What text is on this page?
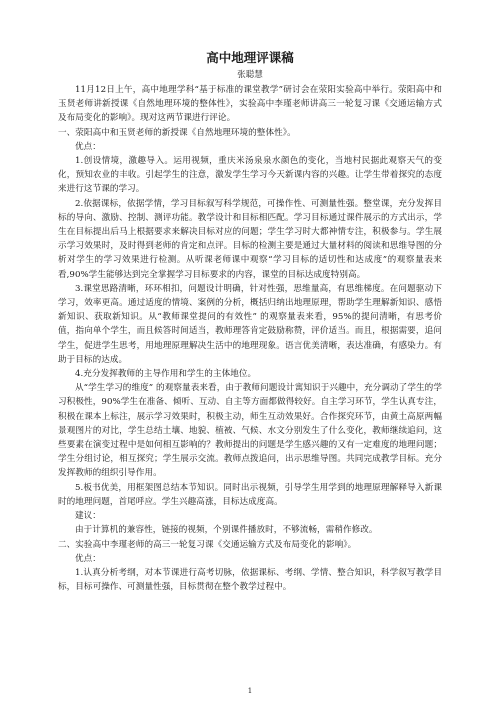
高中地理评课稿

张聪慧

11月12日上午，高中地理学科“基于标准的课堂教学”研讨会在荥阳实验高中举行。荥阳高中和玉贤老师讲新授课《自然地理环境的整体性》，实验高中李瑾老师讲高三一轮复习课《交通运输方式及布局变化的影响》。现对这两节课进行评论。

一、荥阳高中和玉贤老师的新授课《自然地理环境的整体性》。

优点：

1.创设情境，激趣导入。运用视频，重庆米汤泉泉水颜色的变化，当地村民据此观察天气的变化，预知农业的丰收。引起学生的注意，激发学生学习今天新课内容的兴趣。让学生带着探究的态度来进行这节课的学习。

2.依据课标，依据学情，学习目标叙写科学规范，可操作性、可测量性强。整堂课，充分发挥目标的导向、激励、控制、测评功能。教学设计和目标相匹配。学习目标通过课件展示的方式出示，学生在目标提出后马上根据要求来解决目标对应的问题；学生学习时大都神情专注，积极参与。学生展示学习效果时，及时得到老师的肯定和点评。目标的检测主要是通过大量材料的阅读和思维导图的分析对学生的学习效果进行检测。从听课老师课中观察“学习目标的适切性和达成度”的观察量表来看,90%学生能够达到完全掌握学习目标要求的内容，课堂的目标达成度特别高。

3.课堂思路清晰，环环相扣，问题设计明确，针对性强，思维量高，有思维梯度。在问题驱动下学习，效率更高。通过适度的情境、案例的分析，概括归纳出地理原理，帮助学生理解新知识、感悟新知识、获取新知识。从“教师课堂提问的有效性” 的观察量表来看，95%的提问清晰，有思考价值，指向单个学生，而且候答时间适当，教师理答肯定鼓励称赞，评价适当。而且，根据需要，追问学生，促进学生思考，用地理原理解决生活中的地理现象。语言优美清晰，表达准确，有感染力。有助于目标的达成。

4.充分发挥教师的主导作用和学生的主体地位。

从“学生学习的维度” 的观察量表来看，由于教师问题设计寓知识于兴趣中，充分调动了学生的学习积极性，90%学生在准备、倾听、互动、自主等方面都做得较好。自主学习环节，学生认真专注，积极在课本上标注，展示学习效果时，积极主动，师生互动效果好。合作探究环节，由黄土高原两幅景观图片的对比，学生总结土壤、地貌、植被、气候、水文分别发生了什么变化，教师继续追问，这些要素在演变过程中是如何相互影响的？教师提出的问题是学生感兴趣的又有一定难度的地理问题；学生分组讨论，相互探究；学生展示交流。教师点拨追问，出示思维导图。共同完成教学目标。充分发挥教师的组织引导作用。

5.板书优美，用框架图总结本节知识。同时出示视频，引导学生用学到的地理原理解释导入新课时的地理问题，首尾呼应。学生兴趣高涨，目标达成度高。

建议：

由于计算机的兼容性，链接的视频，个别课件播放时，不够流畅，需稍作修改。

二、实验高中李瑾老师的高三一轮复习课《交通运输方式及布局变化的影响》。

优点：

1.认真分析考纲，对本节课进行高考切脉，依据课标、考纲、学情、整合知识，科学叙写教学目标，目标可操作、可测量性强，目标贯彻在整个教学过程中。

1
